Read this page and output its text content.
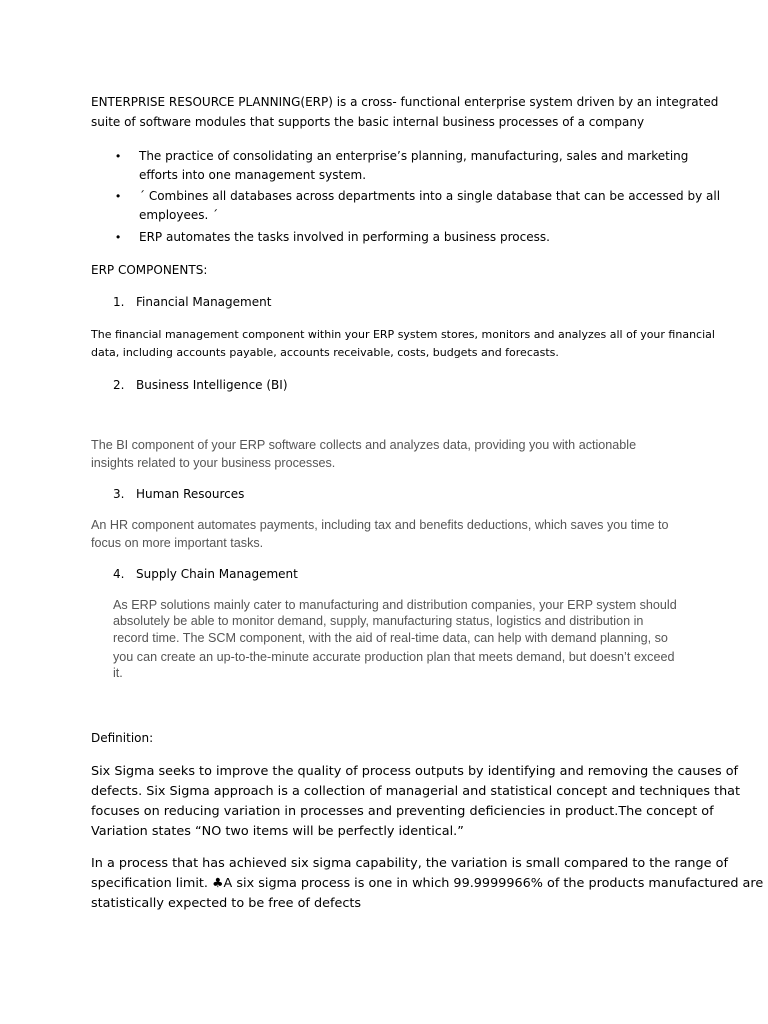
ENTERPRISE RESOURCE PLANNING(ERP) is a cross- functional enterprise system driven by an integrated
suite of software modules that supports the basic internal business processes of a company
• The practice of consolidating an enterprise’s planning, manufacturing, sales and marketing
efforts into one management system.
• ´ Combines all databases across departments into a single database that can be accessed by all
employees. ´
• ERP automates the tasks involved in performing a business process.
ERP COMPONENTS:
1. Financial Management
The financial management component within your ERP system stores, monitors and analyzes all of your financial
data, including accounts payable, accounts receivable, costs, budgets and forecasts.
2. Business Intelligence (BI)
The BI component of your ERP software collects and analyzes data, providing you with actionable
insights related to your business processes.
3. Human Resources
An HR component automates payments, including tax and benefits deductions, which saves you time to
focus on more important tasks.
4. Supply Chain Management
As ERP solutions mainly cater to manufacturing and distribution companies, your ERP system should
absolutely be able to monitor demand, supply, manufacturing status, logistics and distribution in
record time. The SCM component, with the aid of real-time data, can help with demand planning, so
you can create an up-to-the-minute accurate production plan that meets demand, but doesn’t exceed
it.
Definition:
Six Sigma seeks to improve the quality of process outputs by identifying and removing the causes of
defects. Six Sigma approach is a collection of managerial and statistical concept and techniques that
focuses on reducing variation in processes and preventing deficiencies in product.The concept of
Variation states “NO two items will be perfectly identical.”
In a process that has achieved six sigma capability, the variation is small compared to the range of
specification limit. ♣A six sigma process is one in which 99.9999966% of the products manufactured are
statistically expected to be free of defects
